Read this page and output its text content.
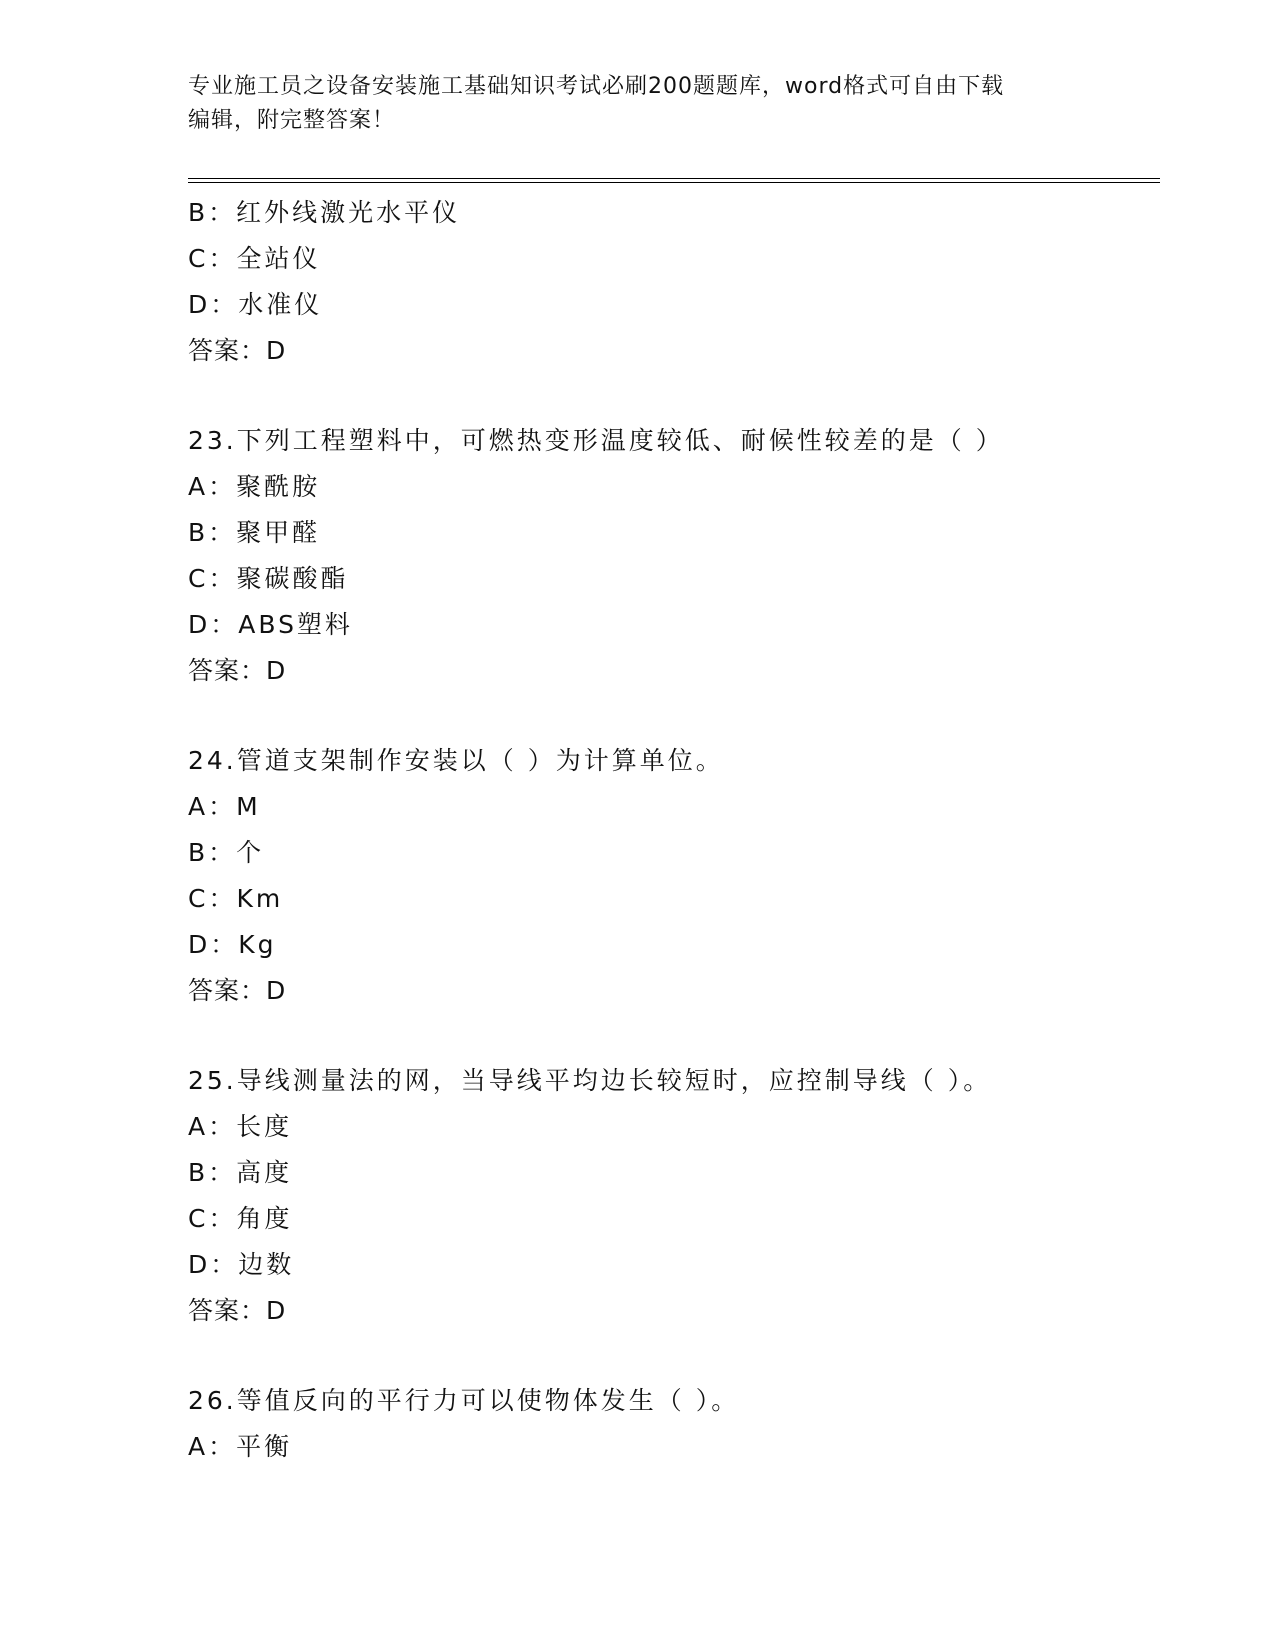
专业施工员之设备安装施工基础知识考试必刷200题题库，word格式可自由下载
编辑，附完整答案！
B：红外线激光水平仪
C：全站仪
D：水准仪
答案：D
23.下列工程塑料中，可燃热变形温度较低、耐候性较差的是（ ）
A：聚酰胺
B：聚甲醛
C：聚碳酸酯
D：ABS塑料
答案：D
24.管道支架制作安装以（ ）为计算单位。
A：M
B：个
C：Km
D：Kg
答案：D
25.导线测量法的网，当导线平均边长较短时，应控制导线（ ）。
A：长度
B：高度
C：角度
D：边数
答案：D
26.等值反向的平行力可以使物体发生（ ）。
A：平衡
